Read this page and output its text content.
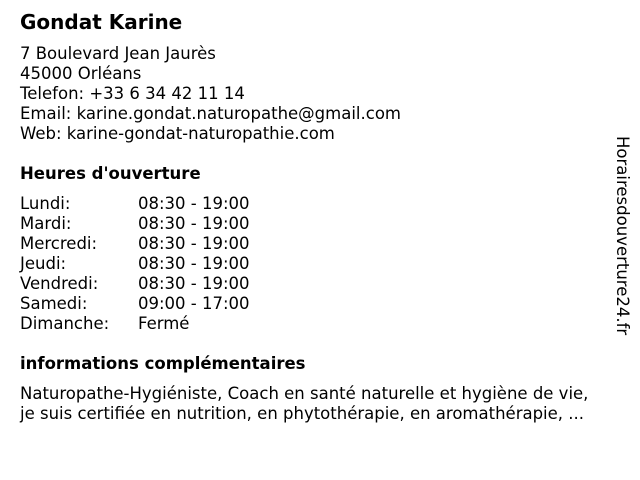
Gondat Karine
7 Boulevard Jean Jaurès
45000 Orléans
Telefon: +33 6 34 42 11 14
Email: karine.gondat.naturopathe@gmail.com
Web: karine-gondat-naturopathie.com
Heures d'ouverture
Lundi:	08:30 - 19:00
Mardi:	08:30 - 19:00
Mercredi: 08:30 - 19:00
Jeudi:	08:30 - 19:00
Vendredi: 08:30 - 19:00
Samedi:	09:00 - 17:00
Dimanche: Fermé
informations complémentaires
Naturopathe-Hygiéniste, Coach en santé naturelle et hygiène de vie,
je suis certifiée en nutrition, en phytothérapie, en aromathérapie, ...
Horairesdouverture24.fr
